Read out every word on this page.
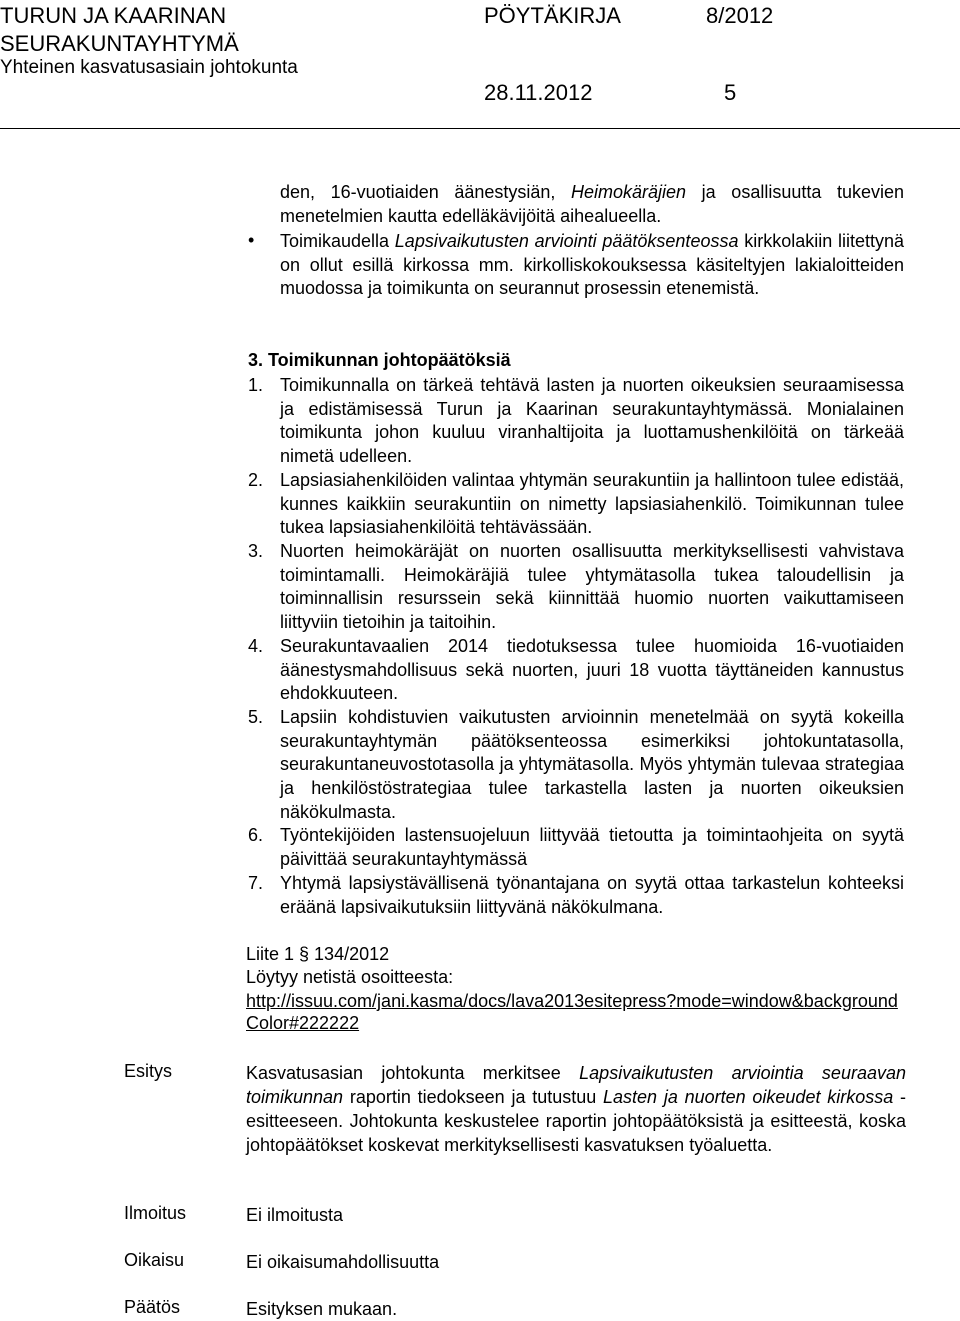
TURUN JA KAARINAN
SEURAKUNTAYHTYMÄ
Yhteinen kasvatusasiain johtokunta
PÖYTÄKIRJA	8/2012
28.11.2012	5

den, 16-vuotiaiden äänestysiän, Heimokäräjien ja osallisuutta tukevien menetelmien kautta edelläkävijöitä aihealueella.

• Toimikaudella Lapsivaikutusten arviointi päätöksenteossa kirkkolakiin liitettynä on ollut esillä kirkossa mm. kirkolliskokouksessa käsiteltyjen lakialoitteiden muodossa ja toimikunta on seurannut prosessin etenemistä.

3. Toimikunnan johtopäätöksiä
1. Toimikunnalla on tärkeä tehtävä lasten ja nuorten oikeuksien seuraamisessa ja edistämisessä Turun ja Kaarinan seurakuntayhtymässä. Monialainen toimikunta johon kuuluu viranhaltijoita ja luottamushenkilöitä on tärkeää nimetä udelleen.
2. Lapsiasiahenkilöiden valintaa yhtymän seurakuntiin ja hallintoon tulee edistää, kunnes kaikkiin seurakuntiin on nimetty lapsiasiahenkilö. Toimikunnan tulee tukea lapsiasiahenkilöitä tehtävässään.
3. Nuorten heimokäräjät on nuorten osallisuutta merkityksellisesti vahvistava toimintamalli. Heimokäräjiä tulee yhtymätasolla tukea taloudellisin ja toiminnallisin resurssein sekä kiinnittää huomio nuorten vaikuttamiseen liittyviin tietoihin ja taitoihin.
4. Seurakuntavaalien 2014 tiedotuksessa tulee huomioida 16-vuotiaiden äänestysmahdollisuus sekä nuorten, juuri 18 vuotta täyttäneiden kannustus ehdokkuuteen.
5. Lapsiin kohdistuvien vaikutusten arvioinnin menetelmää on syytä kokeilla seurakuntayhtymän päätöksenteossa esimerkiksi johtokuntatasolla, seurakuntaneuvostotasolla ja yhtymätasolla. Myös yhtymän tulevaa strategiaa ja henkilöstöstrategiaa tulee tarkastella lasten ja nuorten oikeuksien näkökulmasta.
6. Työntekijöiden lastensuojeluun liittyvää tietoutta ja toimintaohjeita on syytä päivittää seurakuntayhtymässä
7. Yhtymä lapsiystävällisenä työnantajana on syytä ottaa tarkastelun kohteeksi eräänä lapsivaikutuksiin liittyvänä näkökulmana.
Liite 1 § 134/2012
Löytyy netistä osoitteesta:
http://issuu.com/jani.kasma/docs/lava2013esitepress?mode=window&backgroundColor#222222
Esitys	Kasvatusasian johtokunta merkitsee Lapsivaikutusten arviointia seuraavan toimikunnan raportin tiedokseen ja tutustuu Lasten ja nuorten oikeudet kirkossa - esitteeseen. Johtokunta keskustelee raportin johtopäätöksistä ja esitteestä, koska johtopäätökset koskevat merkityksellisesti kasvatuksen työaluetta.
Ilmoitus	Ei ilmoitusta
Oikaisu	Ei oikaisumahdollisuutta
Päätös	Esityksen mukaan.
